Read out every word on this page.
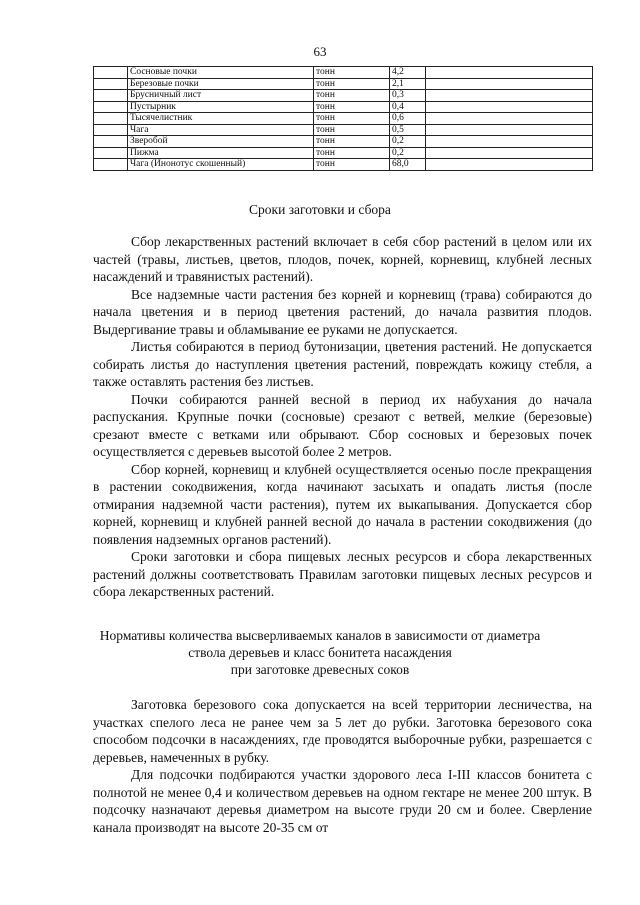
63
	Сосновые почки	тонн	4,2	
	Березовые почки	тонн	2,1	
	Брусничный лист	тонн	0,3	
	Пустырник	тонн	0,4	
	Тысячелистник	тонн	0,6	
	Чага	тонн	0,5	
	Зверобой	тонн	0,2	
	Пижма	тонн	0,2	
	Чага (Инонотус скошенный)	тонн	68,0	
Сроки заготовки и сбора

Сбор лекарственных растений включает в себя сбор растений в целом или их частей (травы, листьев, цветов, плодов, почек, корней, корневищ, клубней лесных насаждений и травянистых растений).

Все надземные части растения без корней и корневищ (трава) собираются до начала цветения и в период цветения растений, до начала развития плодов. Выдергивание травы и обламывание ее руками не допускается.

Листья собираются в период бутонизации, цветения растений. Не допускается собирать листья до наступления цветения растений, повреждать кожицу стебля, а также оставлять растения без листьев.

Почки собираются ранней весной в период их набухания до начала распускания. Крупные почки (сосновые) срезают с ветвей, мелкие (березовые) срезают вместе с ветками или обрывают. Сбор сосновых и березовых почек осуществляется с деревьев высотой более 2 метров.

Сбор корней, корневищ и клубней осуществляется осенью после прекращения в растении сокодвижения, когда начинают засыхать и опадать листья (после отмирания надземной части растения), путем их выкапывания. Допускается сбор корней, корневищ и клубней ранней весной до начала в растении сокодвижения (до появления надземных органов растений).

Сроки заготовки и сбора пищевых лесных ресурсов и сбора лекарственных растений должны соответствовать Правилам заготовки пищевых лесных ресурсов и сбора лекарственных растений.

Нормативы количества высверливаемых каналов в зависимости от диаметра
ствола деревьев и класс бонитета насаждения
при заготовке древесных соков

Заготовка березового сока допускается на всей территории лесничества, на участках спелого леса не ранее чем за 5 лет до рубки. Заготовка березового сока способом подсочки в насаждениях, где проводятся выборочные рубки, разрешается с деревьев, намеченных в рубку.

Для подсочки подбираются участки здорового леса I-III классов бонитета с полнотой не менее 0,4 и количеством деревьев на одном гектаре не менее 200 штук. В подсочку назначают деревья диаметром на высоте груди 20 см и более. Сверление канала производят на высоте 20-35 см от
